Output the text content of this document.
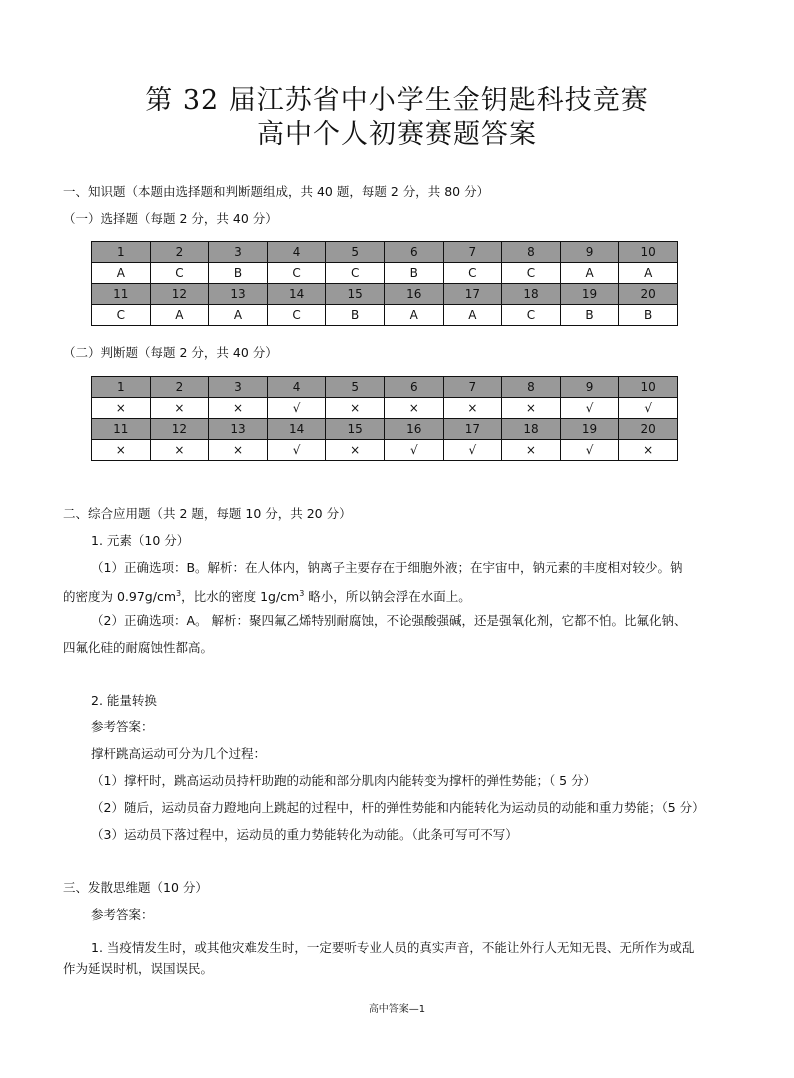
第 32 届江苏省中小学生金钥匙科技竞赛
高中个人初赛赛题答案
一、知识题（本题由选择题和判断题组成，共 40 题，每题 2 分，共 80 分）
（一）选择题（每题 2 分，共 40 分）
1	2	3	4	5	6	7	8	9	10
A	C	B	C	C	B	C	C	A	A
11	12	13	14	15	16	17	18	19	20
C	A	A	C	B	A	A	C	B	B
（二）判断题（每题 2 分，共 40 分）
1	2	3	4	5	6	7	8	9	10
×	×	×	√	×	×	×	×	√	√
11	12	13	14	15	16	17	18	19	20
×	×	×	√	×	√	√	×	√	×
二、综合应用题（共 2 题，每题 10 分，共 20 分）
1. 元素（10 分）
（1）正确选项：B。解析：在人体内，钠离子主要存在于细胞外液；在宇宙中，钠元素的丰度相对较少。钠
的密度为 $0.97g/cm^3$，比水的密度 $1g/cm^3$ 略小，所以钠会浮在水面上。
（2）正确选项：A。 解析：聚四氟乙烯特别耐腐蚀，不论强酸强碱，还是强氧化剂，它都不怕。比氟化钠、
四氟化硅的耐腐蚀性都高。
2. 能量转换
参考答案：
撑杆跳高运动可分为几个过程：
（1）撑杆时，跳高运动员持杆助跑的动能和部分肌肉内能转变为撑杆的弹性势能；（ 5 分）
（2）随后，运动员奋力蹬地向上跳起的过程中，杆的弹性势能和内能转化为运动员的动能和重力势能；（5 分）
（3）运动员下落过程中，运动员的重力势能转化为动能。（此条可写可不写）
三、发散思维题（10 分）
参考答案：
1. 当疫情发生时，或其他灾难发生时，一定要听专业人员的真实声音，不能让外行人无知无畏、无所作为或乱
作为延误时机，误国误民。
高中答案—1
